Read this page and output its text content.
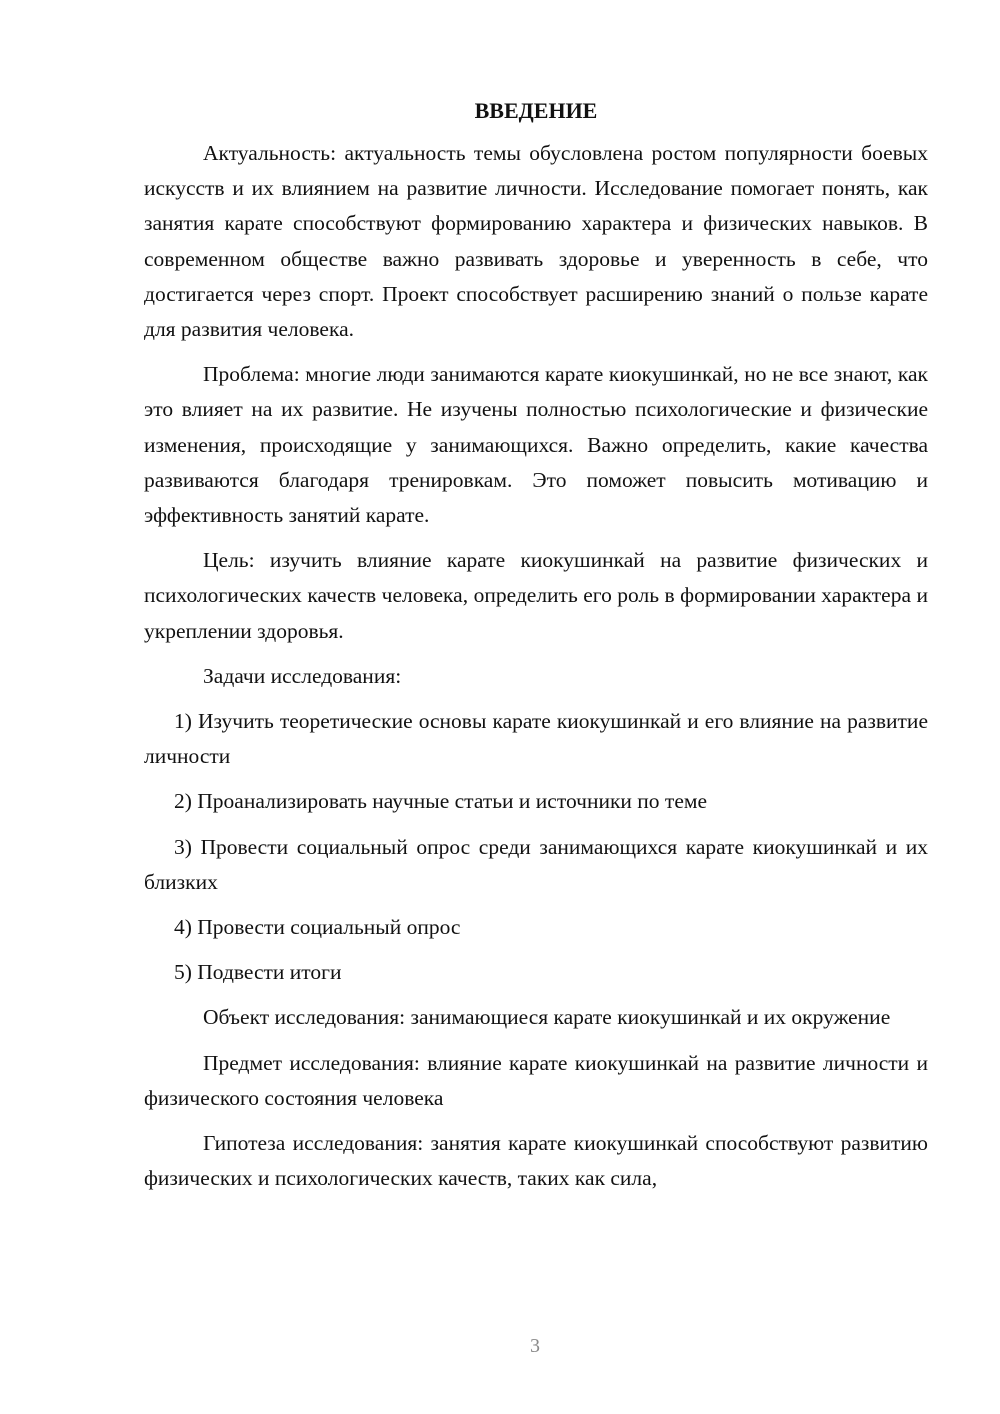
ВВЕДЕНИЕ

Актуальность: актуальность темы обусловлена ростом популярности боевых искусств и их влиянием на развитие личности. Исследование помогает понять, как занятия карате способствуют формированию характера и физических навыков. В современном обществе важно развивать здоровье и уверенность в себе, что достигается через спорт. Проект способствует расширению знаний о пользе карате для развития человека.

Проблема: многие люди занимаются карате киокушинкай, но не все знают, как это влияет на их развитие. Не изучены полностью психологические и физические изменения, происходящие у занимающихся. Важно определить, какие качества развиваются благодаря тренировкам. Это поможет повысить мотивацию и эффективность занятий карате.

Цель: изучить влияние карате киокушинкай на развитие физических и психологических качеств человека, определить его роль в формировании характера и укреплении здоровья.

Задачи исследования:

1) Изучить теоретические основы карате киокушинкай и его влияние на развитие личности

2) Проанализировать научные статьи и источники по теме

3) Провести социальный опрос среди занимающихся карате киокушинкай и их близких

4) Провести социальный опрос

5) Подвести итоги

Объект исследования: занимающиеся карате киокушинкай и их окружение

Предмет исследования: влияние карате киокушинкай на развитие личности и физического состояния человека

Гипотеза исследования: занятия карате киокушинкай способствуют развитию физических и психологических качеств, таких как сила,

3
